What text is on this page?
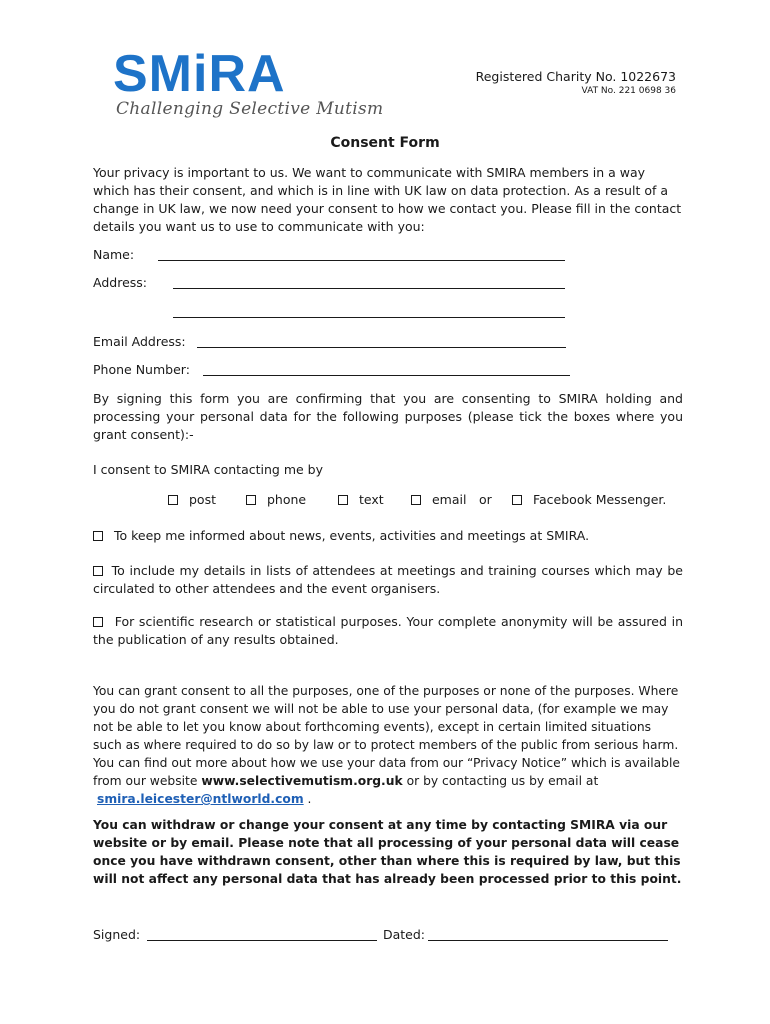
SMiRA
Challenging Selective Mutism
Registered Charity No. 1022673
VAT No. 221 0698 36
Consent Form
Your privacy is important to us. We want to communicate with SMIRA members in a way which has their consent, and which is in line with UK law on data protection. As a result of a change in UK law, we now need your consent to how we contact you. Please fill in the contact details you want us to use to communicate with you:
Name:
Address:
Email Address:
Phone Number:
By signing this form you are confirming that you are consenting to SMIRA holding and processing your personal data for the following purposes (please tick the boxes where you grant consent):-
I consent to SMIRA contacting me by
post	phone	text	email or	Facebook Messenger.
To keep me informed about news, events, activities and meetings at SMIRA.
To include my details in lists of attendees at meetings and training courses which may be circulated to other attendees and the event organisers.
For scientific research or statistical purposes. Your complete anonymity will be assured in the publication of any results obtained.
You can grant consent to all the purposes, one of the purposes or none of the purposes. Where you do not grant consent we will not be able to use your personal data, (for example we may not be able to let you know about forthcoming events), except in certain limited situations such as where required to do so by law or to protect members of the public from serious harm. You can find out more about how we use your data from our “Privacy Notice” which is available from our website www.selectivemutism.org.uk or by contacting us by email at smira.leicester@ntlworld.com .
You can withdraw or change your consent at any time by contacting SMIRA via our website or by email. Please note that all processing of your personal data will cease once you have withdrawn consent, other than where this is required by law, but this will not affect any personal data that has already been processed prior to this point.
Signed:	Dated:
